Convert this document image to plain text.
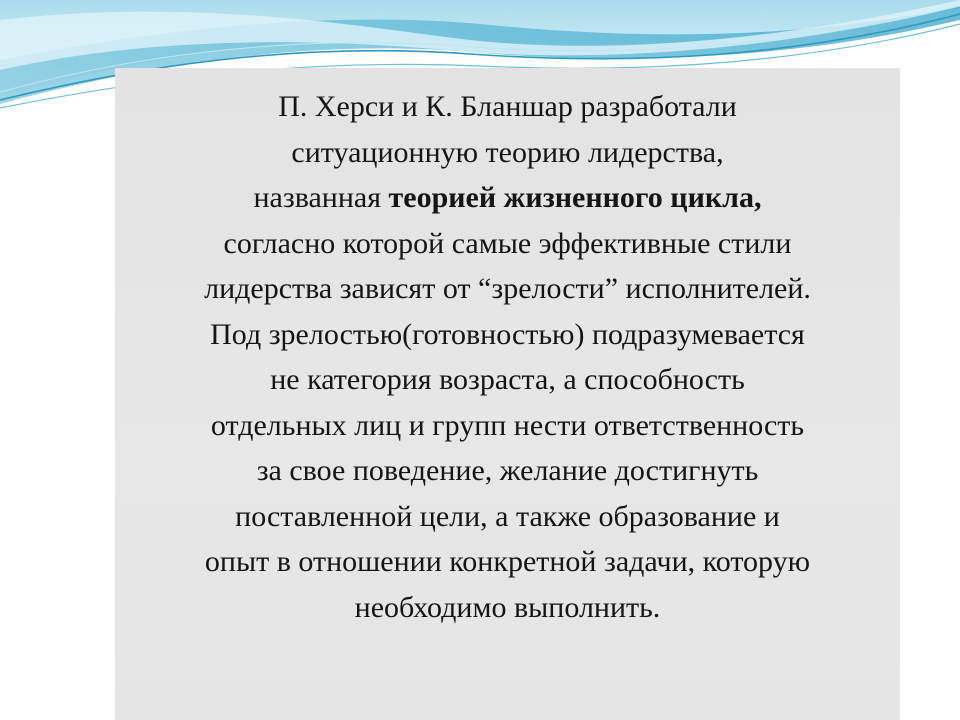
П. Херси и К. Бланшар разработали
ситуационную теорию лидерства,
названная теорией жизненного цикла,
согласно которой самые эффективные стили
лидерства зависят от “зрелости” исполнителей.
Под зрелостью(готовностью) подразумевается
не категория возраста, а способность
отдельных лиц и групп нести ответственность
за свое поведение, желание достигнуть
поставленной цели, а также образование и
опыт в отношении конкретной задачи, которую
необходимо выполнить.
